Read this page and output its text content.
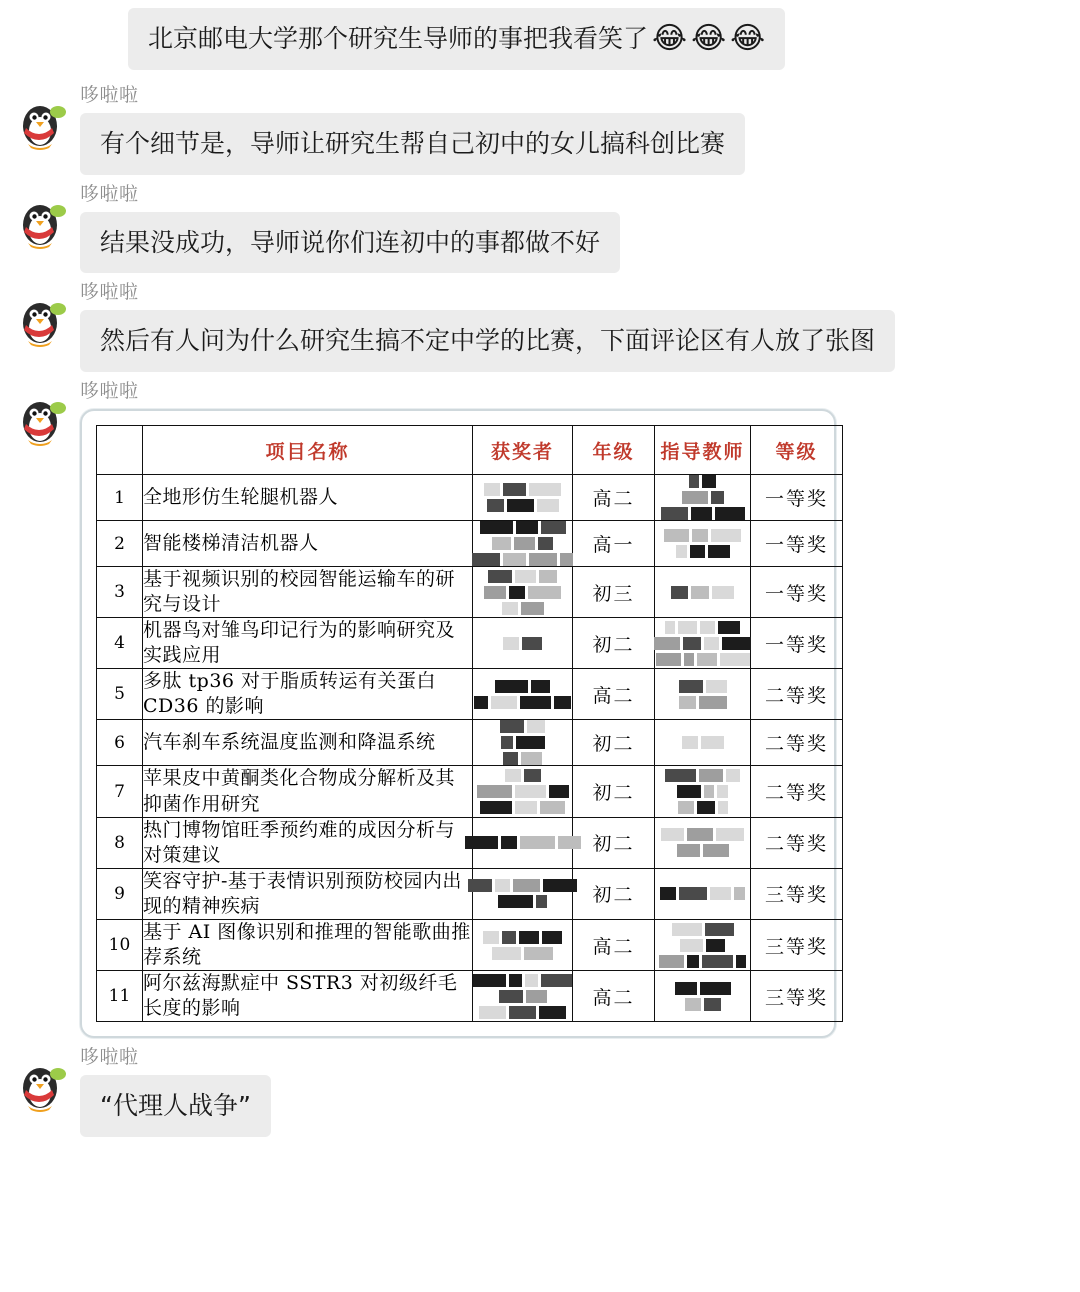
北京邮电大学那个研究生导师的事把我看笑了 😂 😂 😂
哆啦啦
有个细节是，导师让研究生帮自己初中的女儿搞科创比赛
哆啦啦
结果没成功，导师说你们连初中的事都做不好
哆啦啦
然后有人问为什么研究生搞不定中学的比赛，下面评论区有人放了张图
哆啦啦
	项目名称	获奖者	年级	指导教师	等级
1	全地形仿生轮腿机器人		高二		一等奖
2	智能楼梯清洁机器人		高一		一等奖
3	基于视频识别的校园智能运输车的研究与设计		初三		一等奖
4	机器鸟对雏鸟印记行为的影响研究及实践应用		初二		一等奖
5	多肽 tp36 对于脂质转运有关蛋白 CD36 的影响		高二		二等奖
6	汽车刹车系统温度监测和降温系统		初二		二等奖
7	苹果皮中黄酮类化合物成分解析及其抑菌作用研究		初二		二等奖
8	热门博物馆旺季预约难的成因分析与对策建议		初二		二等奖
9	笑容守护-基于表情识别预防校园内出现的精神疾病		初二		三等奖
10	基于 AI 图像识别和推理的智能歌曲推荐系统		高二		三等奖
11	阿尔兹海默症中 SSTR3 对初级纤毛长度的影响		高二		三等奖
哆啦啦
“代理人战争”
